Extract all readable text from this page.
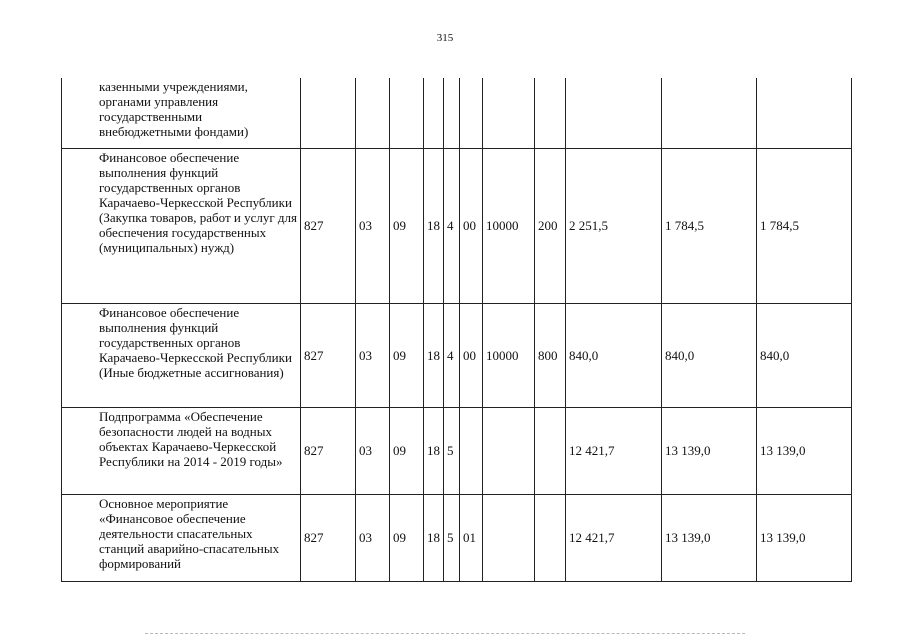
315
казенными учреждениями, органами управления государственными внебюджетными фондами)											
Финансовое обеспечение выполнения функций государственных органов Карачаево-Черкесской Республики (Закупка товаров, работ и услуг для обеспечения государственных (муниципальных) нужд)	827	03	09	18	4	00	10000	200	2 251,5	1 784,5	1 784,5
Финансовое обеспечение выполнения функций государственных органов Карачаево-Черкесской Республики (Иные бюджетные ассигнования)	827	03	09	18	4	00	10000	800	840,0	840,0	840,0
Подпрограмма «Обеспечение безопасности людей на водных объектах Карачаево-Черкесской Республики на 2014 - 2019 годы»	827	03	09	18	5				12 421,7	13 139,0	13 139,0
Основное мероприятие «Финансовое обеспечение деятельности спасательных станций аварийно-спасательных формирований	827	03	09	18	5	01			12 421,7	13 139,0	13 139,0
